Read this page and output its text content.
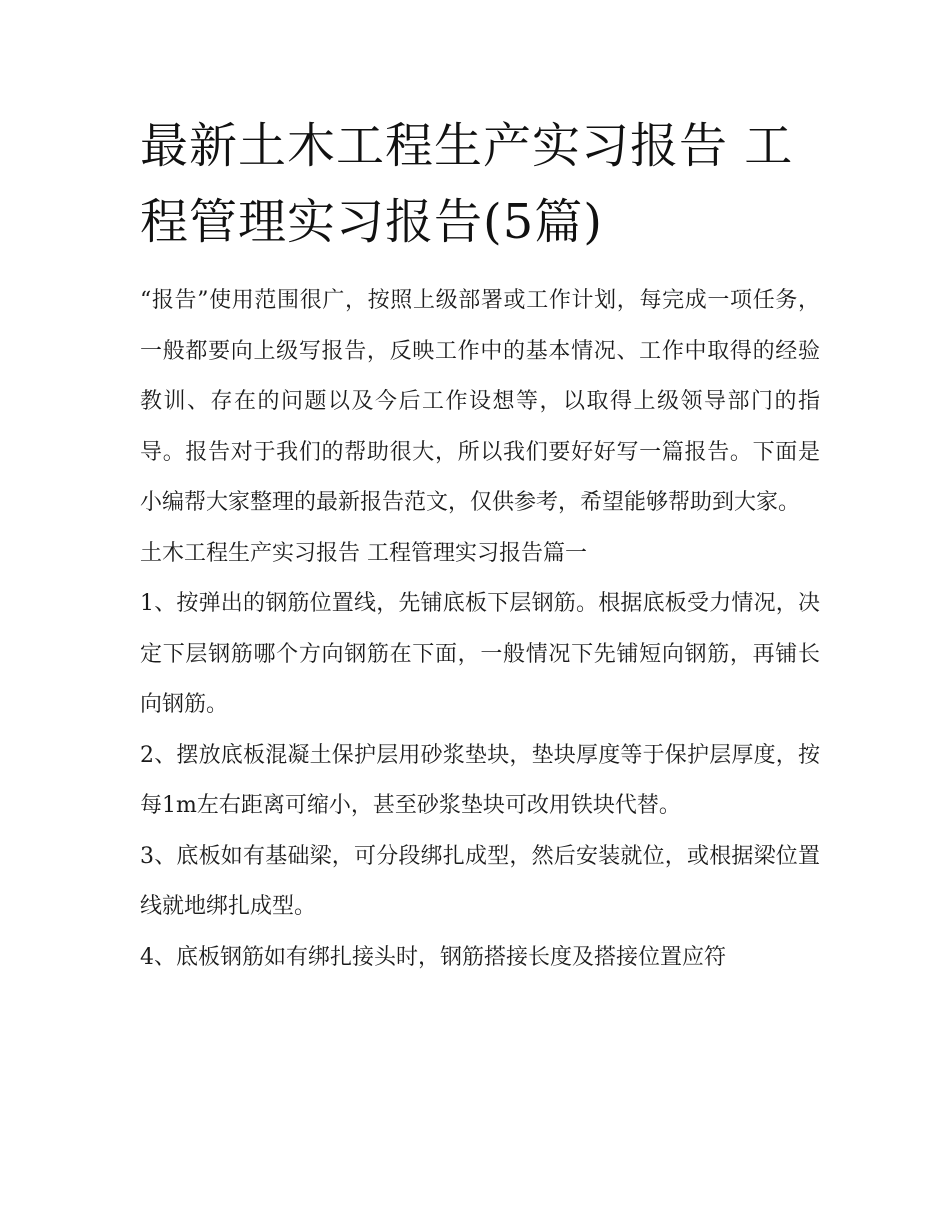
最新土木工程生产实习报告 工程管理实习报告(5篇)

“报告”使用范围很广，按照上级部署或工作计划，每完成一项任务，一般都要向上级写报告，反映工作中的基本情况、工作中取得的经验教训、存在的问题以及今后工作设想等，以取得上级领导部门的指导。报告对于我们的帮助很大，所以我们要好好写一篇报告。下面是小编帮大家整理的最新报告范文，仅供参考，希望能够帮助到大家。

土木工程生产实习报告 工程管理实习报告篇一

1、按弹出的钢筋位置线，先铺底板下层钢筋。根据底板受力情况，决定下层钢筋哪个方向钢筋在下面，一般情况下先铺短向钢筋，再铺长向钢筋。

2、摆放底板混凝土保护层用砂浆垫块，垫块厚度等于保护层厚度，按每1m左右距离可缩小，甚至砂浆垫块可改用铁块代替。

3、底板如有基础梁，可分段绑扎成型，然后安装就位，或根据梁位置线就地绑扎成型。

4、底板钢筋如有绑扎接头时，钢筋搭接长度及搭接位置应符
